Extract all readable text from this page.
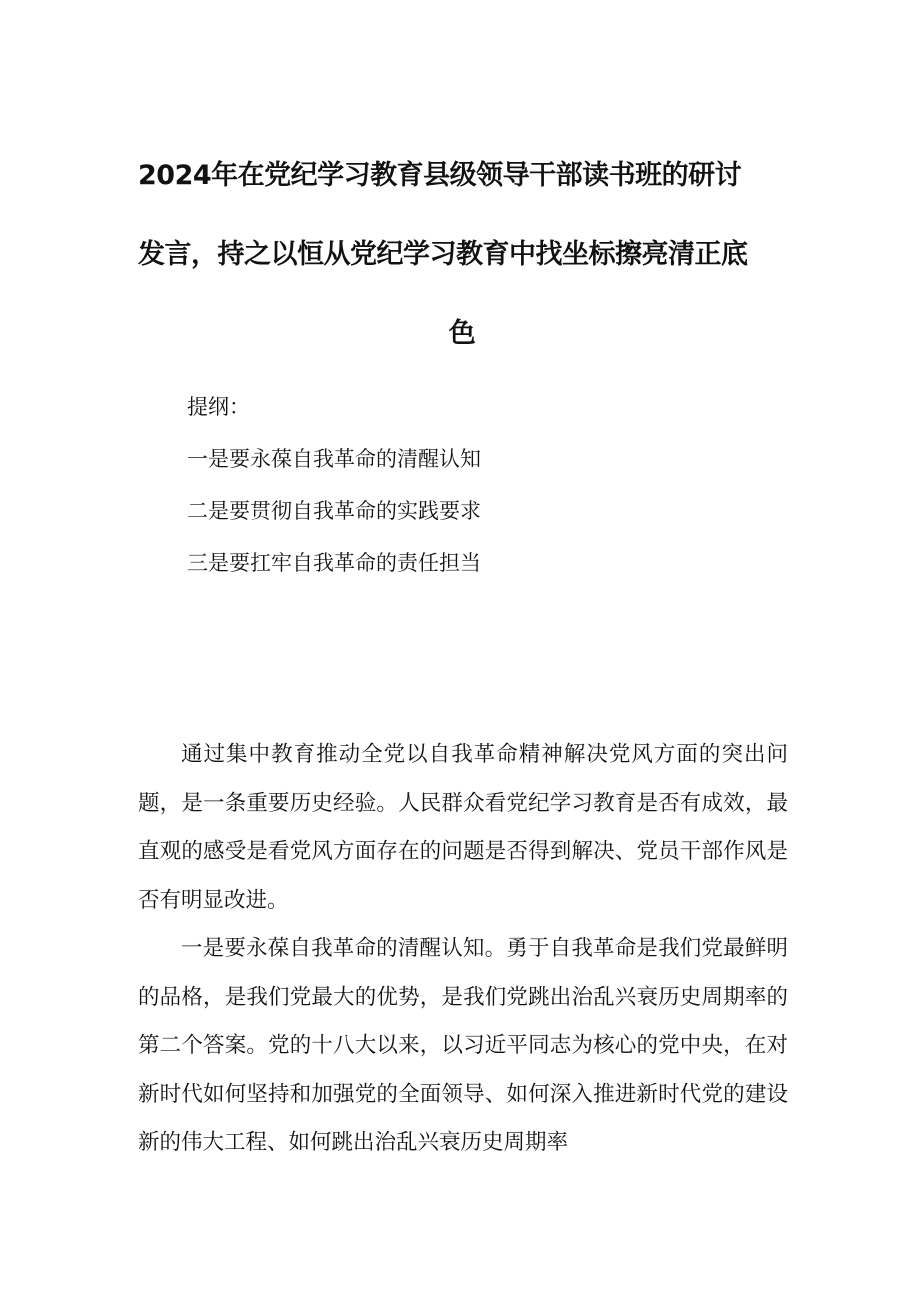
2024年在党纪学习教育县级领导干部读书班的研讨
发言，持之以恒从党纪学习教育中找坐标擦亮清正底
色
提纲：
一是要永葆自我革命的清醒认知
二是要贯彻自我革命的实践要求
三是要扛牢自我革命的责任担当

通过集中教育推动全党以自我革命精神解决党风方面的突出问题，是一条重要历史经验。人民群众看党纪学习教育是否有成效，最直观的感受是看党风方面存在的问题是否得到解决、党员干部作风是否有明显改进。

一是要永葆自我革命的清醒认知。勇于自我革命是我们党最鲜明的品格，是我们党最大的优势，是我们党跳出治乱兴衰历史周期率的第二个答案。党的十八大以来，以习近平同志为核心的党中央，在对新时代如何坚持和加强党的全面领导、如何深入推进新时代党的建设新的伟大工程、如何跳出治乱兴衰历史周期率
